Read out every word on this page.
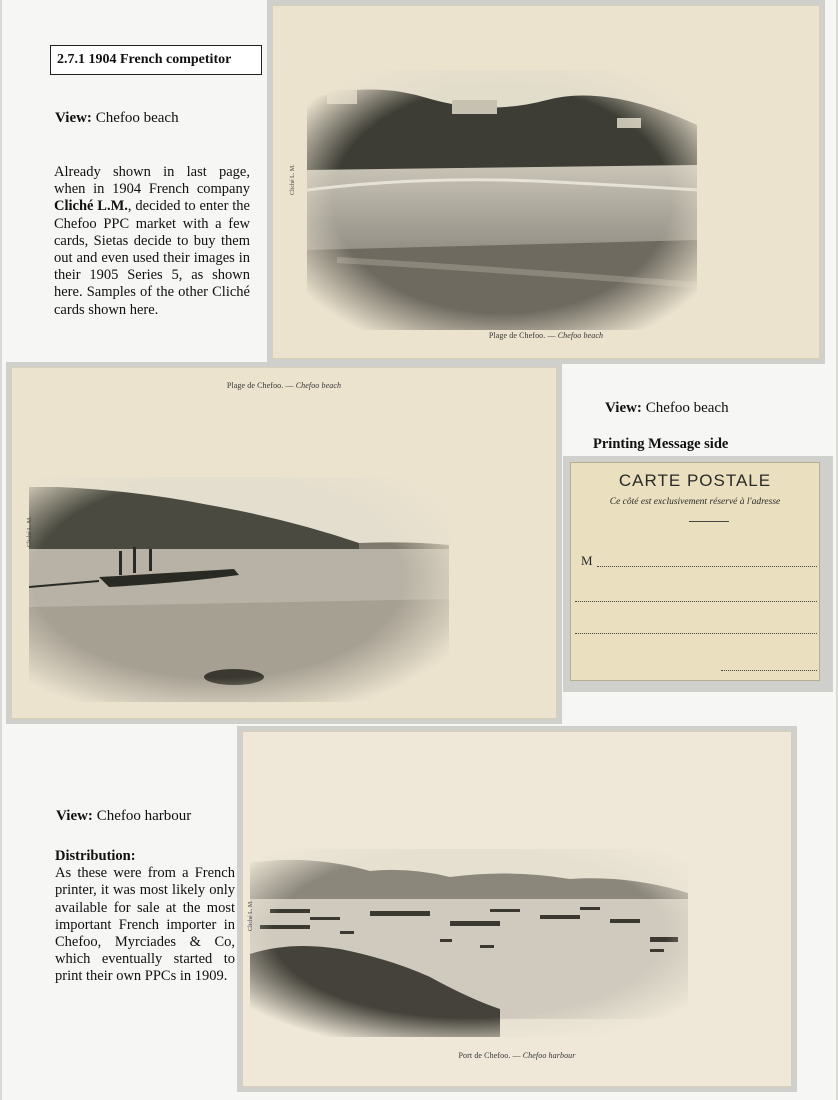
2.7.1 1904 French competitor
View: Chefoo beach
Already shown in last page, when in 1904 French company Cliché L.M., decided to enter the Chefoo PPC market with a few cards, Sietas decide to buy them out and even used their images in their 1905 Series 5, as shown here. Samples of the other Cliché cards shown here.
Cliché L. M.
Plage de Chefoo. — Chefoo beach
Plage de Chefoo. — Chefoo beach
Cliché L. M.
View: Chefoo beach
Printing Message side
CARTE POSTALE
Ce côté est exclusivement réservé à l'adresse
M
View: Chefoo harbour
Distribution:
As these were from a French printer, it was most likely only available for sale at the most important French importer in Chefoo, Myrciades & Co, which eventually started to print their own PPCs in 1909.
Cliché L. M.
Port de Chefoo. — Chefoo harbour
